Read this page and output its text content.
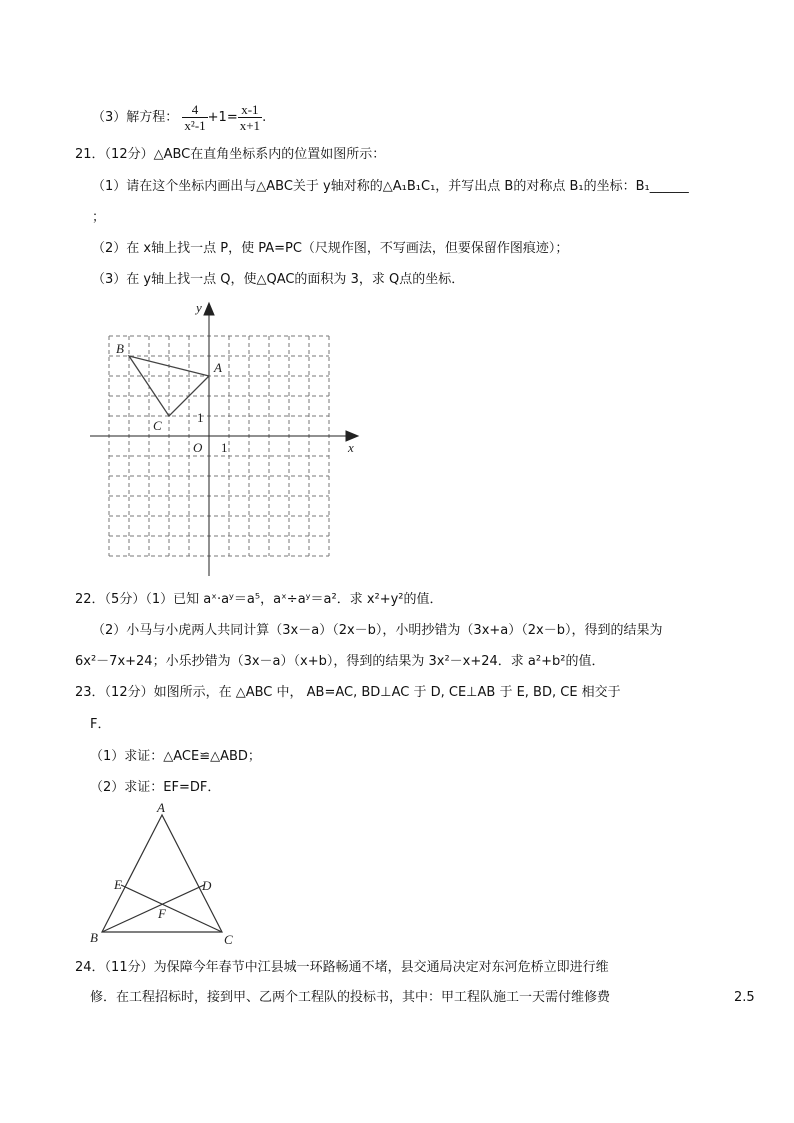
（3）解方程： $\frac{4}{\text{x²-1}} +1= \frac{x-1}{x+1}$ .
21．（12分）△ABC在直角坐标系内的位置如图所示：
（1）请在这个坐标内画出与△ABC关于 y轴对称的△A₁B₁C₁，并写出点 B的对称点 B₁的坐标：B₁______
；
（2）在 x轴上找一点 P，使 PA=PC（尺规作图，不写画法，但要保留作图痕迹）；
（3）在 y轴上找一点 Q，使△QAC的面积为 3，求 Q点的坐标．
x
y
O 1
1
A
B
C
A
B	C
D
E
F
22．（5分）（1）已知 aˣ·aʸ＝a⁵，aˣ÷aʸ＝a²．求 x²+y²的值．
（2）小马与小虎两人共同计算（3x－a）（2x－b），小明抄错为（3x+a）（2x－b），得到的结果为
6x²－7x+24；小乐抄错为（3x－a）（x+b），得到的结果为 3x²－x+24．求 a²+b²的值．
23．（12分）如图所示，在 △ABC 中， AB=AC, BD⊥AC 于 D, CE⊥AB 于 E, BD, CE 相交于
F．
（1）求证：△ACE≌△ABD；
（2）求证：EF=DF．
24．（11分）为保障今年春节中江县城一环路畅通不堵，县交通局决定对东河危桥立即进行维
修．在工程招标时，接到甲、乙两个工程队的投标书，其中：甲工程队施工一天需付维修费	2.5
